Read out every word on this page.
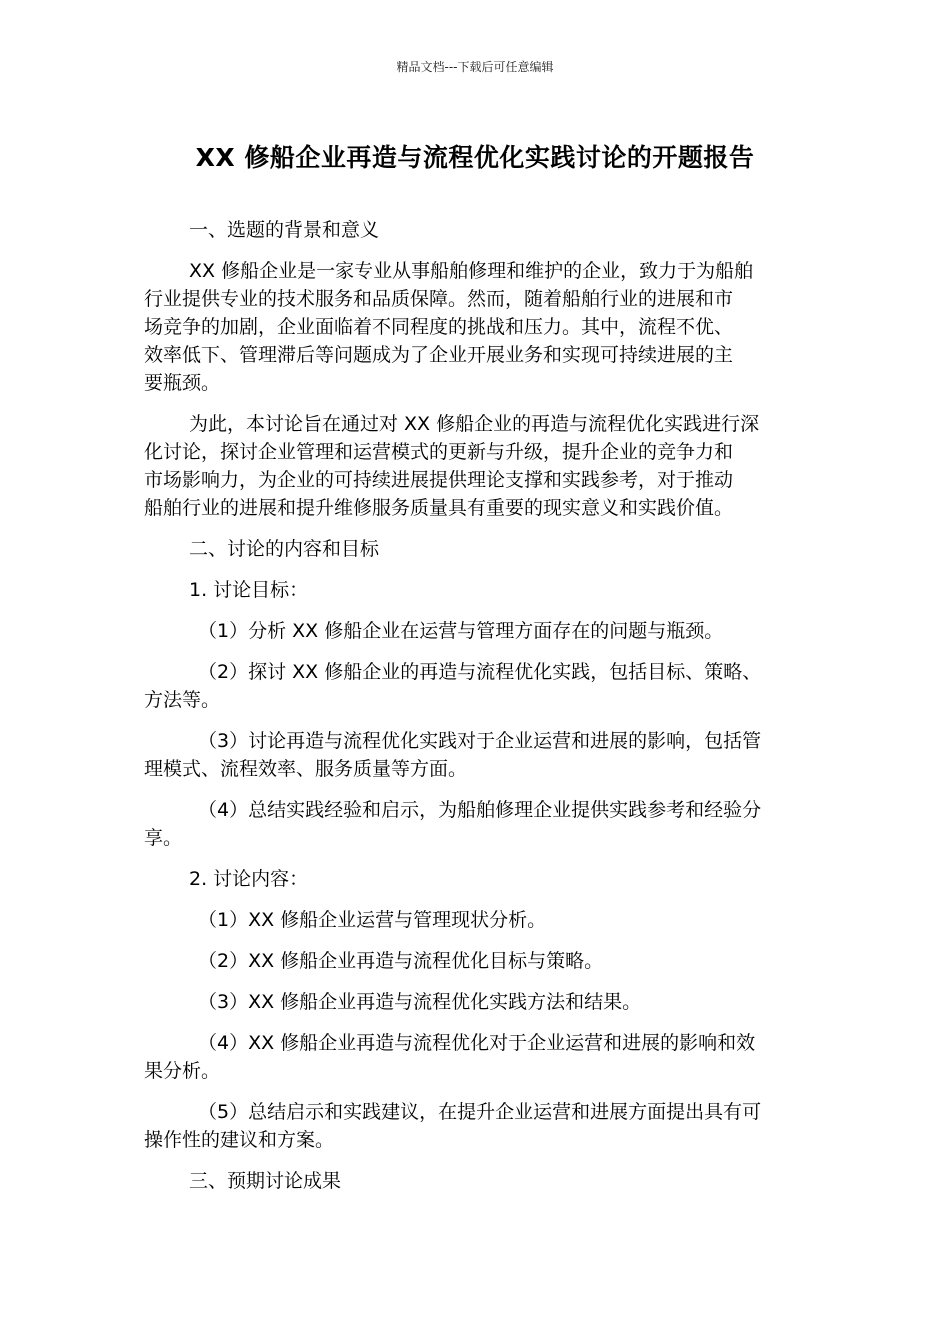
精品文档---下载后可任意编辑
XX 修船企业再造与流程优化实践讨论的开题报告
一、选题的背景和意义
XX 修船企业是一家专业从事船舶修理和维护的企业，致力于为船舶
行业提供专业的技术服务和品质保障。然而，随着船舶行业的进展和市
场竞争的加剧，企业面临着不同程度的挑战和压力。其中，流程不优、
效率低下、管理滞后等问题成为了企业开展业务和实现可持续进展的主
要瓶颈。
为此，本讨论旨在通过对 XX 修船企业的再造与流程优化实践进行深
化讨论，探讨企业管理和运营模式的更新与升级，提升企业的竞争力和
市场影响力，为企业的可持续进展提供理论支撑和实践参考，对于推动
船舶行业的进展和提升维修服务质量具有重要的现实意义和实践价值。
二、讨论的内容和目标
1. 讨论目标：
（1）分析 XX 修船企业在运营与管理方面存在的问题与瓶颈。
（2）探讨 XX 修船企业的再造与流程优化实践，包括目标、策略、
方法等。
（3）讨论再造与流程优化实践对于企业运营和进展的影响，包括管
理模式、流程效率、服务质量等方面。
（4）总结实践经验和启示，为船舶修理企业提供实践参考和经验分
享。
2. 讨论内容：
（1）XX 修船企业运营与管理现状分析。
（2）XX 修船企业再造与流程优化目标与策略。
（3）XX 修船企业再造与流程优化实践方法和结果。
（4）XX 修船企业再造与流程优化对于企业运营和进展的影响和效
果分析。
（5）总结启示和实践建议，在提升企业运营和进展方面提出具有可
操作性的建议和方案。
三、预期讨论成果
